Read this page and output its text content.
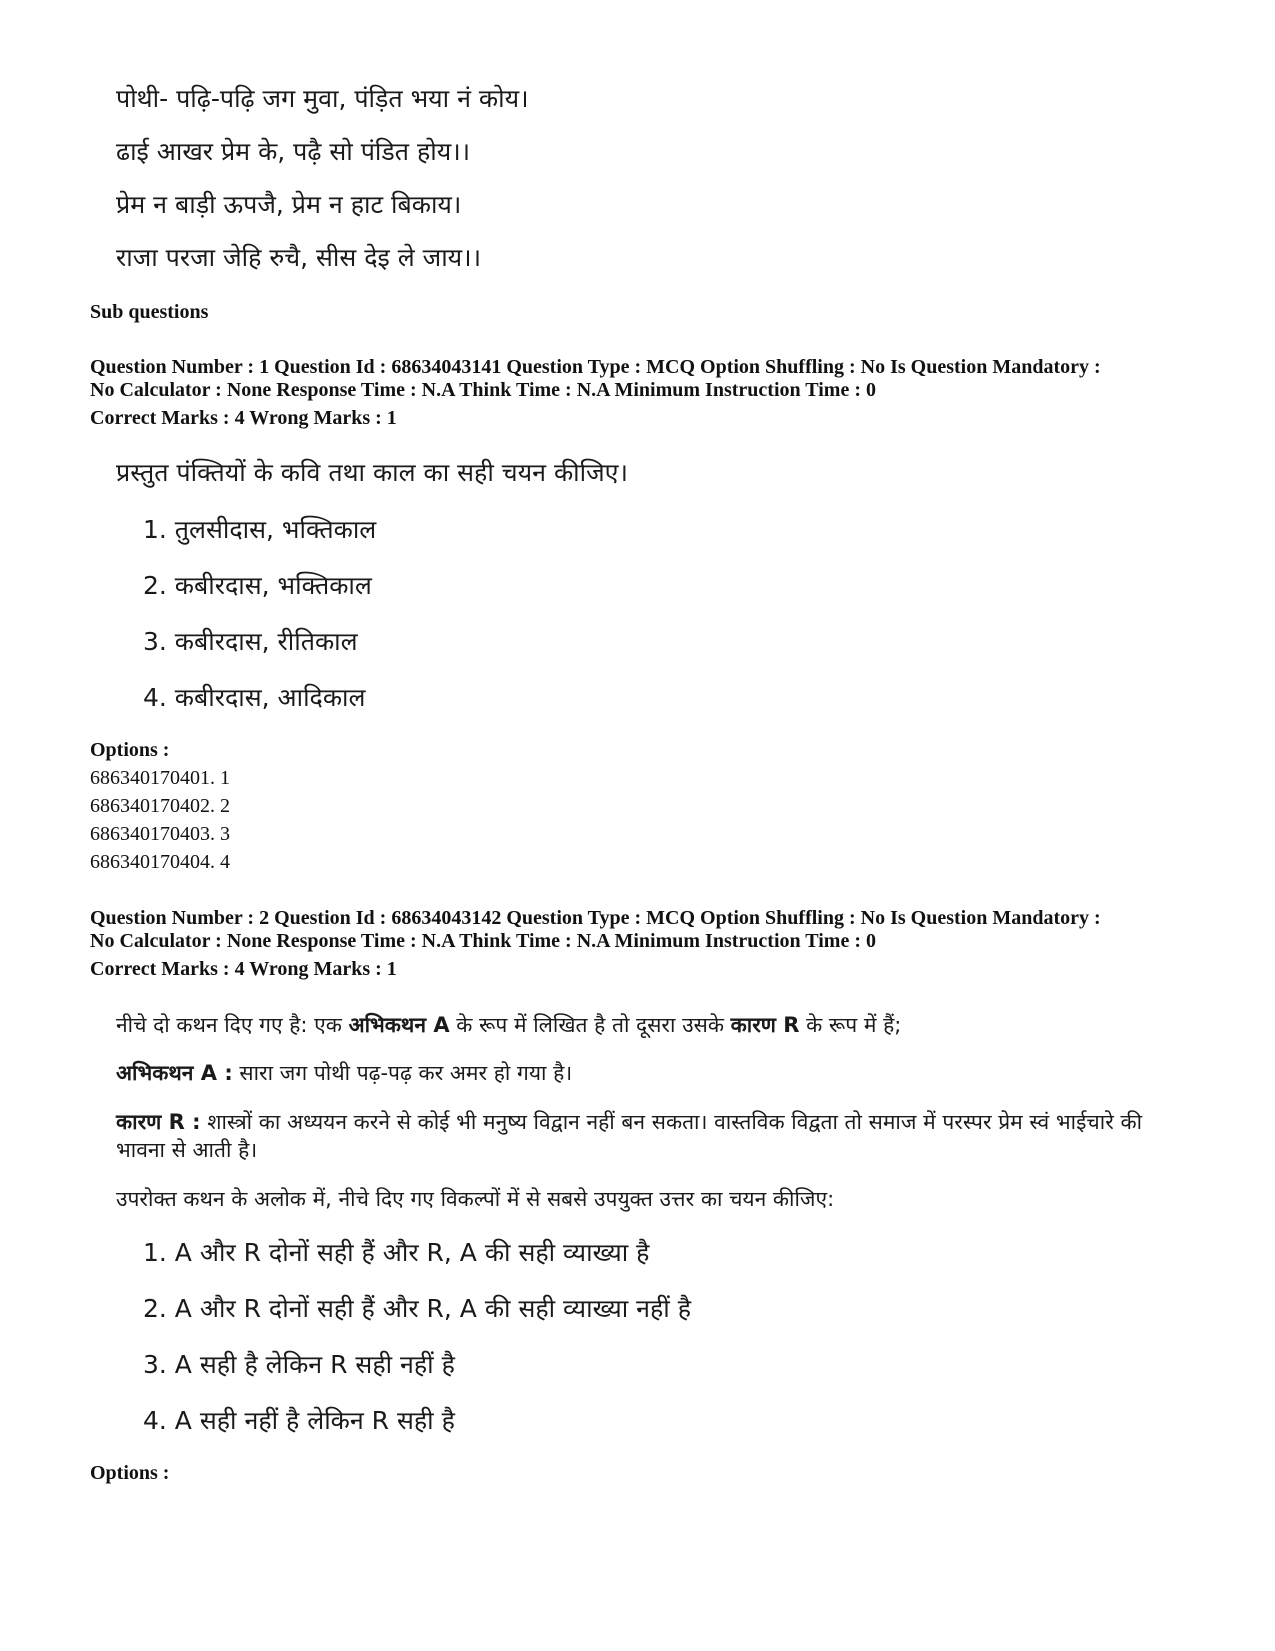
पोथी- पढ़ि-पढ़ि जग मुवा, पंड़ित भया नं कोय।
ढाई आखर प्रेम के, पढ़ै सो पंडित होय।।
प्रेम न बाड़ी ऊपजै, प्रेम न हाट बिकाय।
राजा परजा जेहि रुचै, सीस देइ ले जाय।।
Sub questions
Question Number : 1 Question Id : 68634043141 Question Type : MCQ Option Shuffling : No Is Question Mandatory :
No Calculator : None Response Time : N.A Think Time : N.A Minimum Instruction Time : 0
Correct Marks : 4 Wrong Marks : 1
प्रस्तुत पंक्तियों के कवि तथा काल का सही चयन कीजिए।
1. तुलसीदास, भक्तिकाल
2. कबीरदास, भक्तिकाल
3. कबीरदास, रीतिकाल
4. कबीरदास, आदिकाल
Options :
686340170401. 1
686340170402. 2
686340170403. 3
686340170404. 4
Question Number : 2 Question Id : 68634043142 Question Type : MCQ Option Shuffling : No Is Question Mandatory :
No Calculator : None Response Time : N.A Think Time : N.A Minimum Instruction Time : 0
Correct Marks : 4 Wrong Marks : 1
नीचे दो कथन दिए गए है: एक अभिकथन A के रूप में लिखित है तो दूसरा उसके कारण R के रूप में हैं;
अभिकथन A : सारा जग पोथी पढ़-पढ़ कर अमर हो गया है।
कारण R : शास्त्रों का अध्ययन करने से कोई भी मनुष्य विद्वान नहीं बन सकता। वास्तविक विद्वता तो समाज में परस्पर प्रेम स्वं भाईचारे की भावना से आती है।
उपरोक्त कथन के अलोक में, नीचे दिए गए विकल्पों में से सबसे उपयुक्त उत्तर का चयन कीजिए:
1. A और R दोनों सही हैं और R, A की सही व्याख्या है
2. A और R दोनों सही हैं और R, A की सही व्याख्या नहीं है
3. A सही है लेकिन R सही नहीं है
4. A सही नहीं है लेकिन R सही है
Options :
